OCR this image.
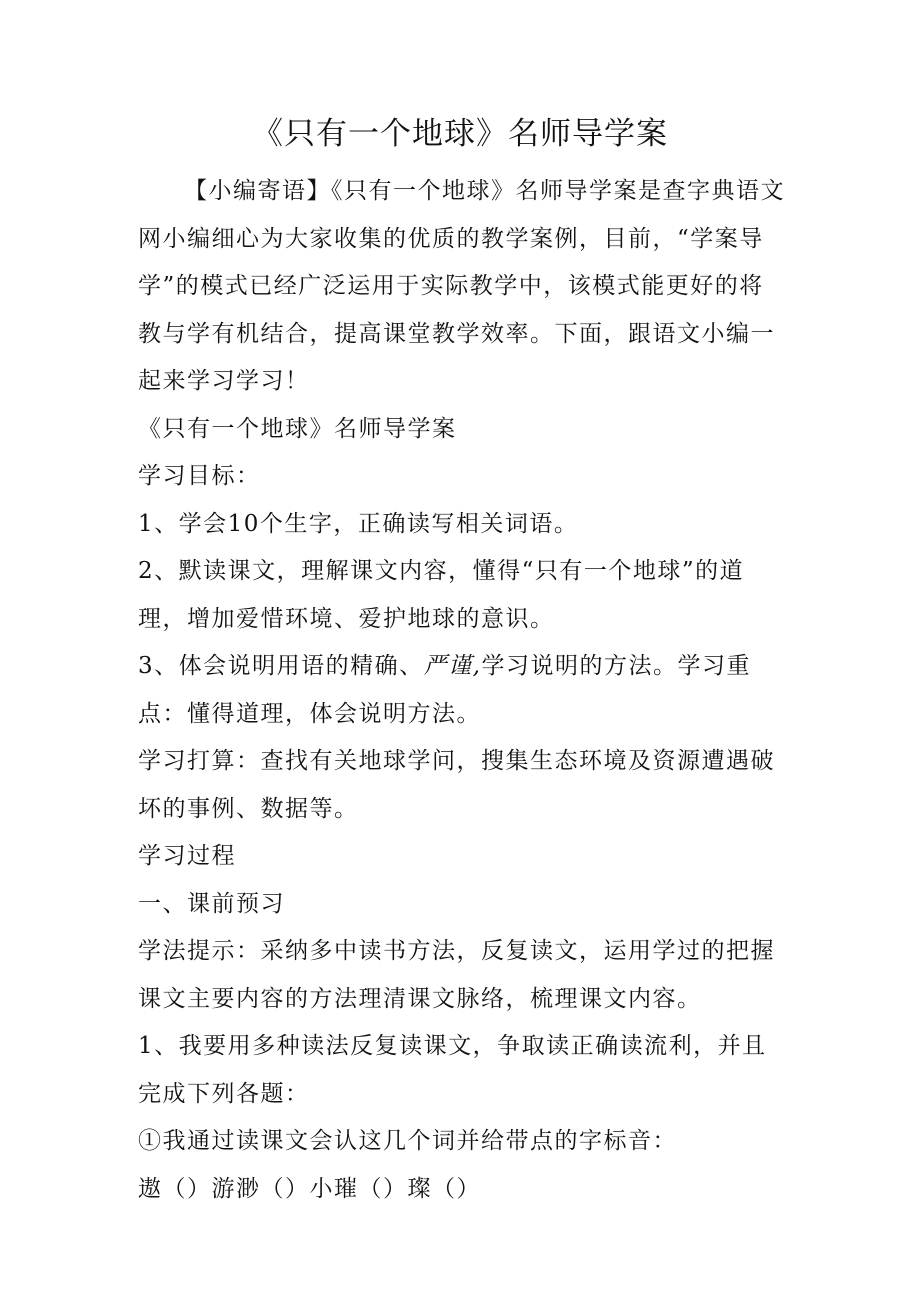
《只有一个地球》名师导学案

【小编寄语】《只有一个地球》名师导学案是查字典语文网小编细心为大家收集的优质的教学案例，目前，“学案导学”的模式已经广泛运用于实际教学中，该模式能更好的将教与学有机结合，提高课堂教学效率。下面，跟语文小编一起来学习学习！

《只有一个地球》名师导学案

学习目标：

1、学会10个生字，正确读写相关词语。

2、默读课文，理解课文内容，懂得“只有一个地球”的道理，增加爱惜环境、爱护地球的意识。

3、体会说明用语的精确、严谨,学习说明的方法。学习重点：懂得道理，体会说明方法。

学习打算：查找有关地球学问，搜集生态环境及资源遭遇破坏的事例、数据等。

学习过程

一、课前预习

学法提示：采纳多中读书方法，反复读文，运用学过的把握课文主要内容的方法理清课文脉络，梳理课文内容。

1、我要用多种读法反复读课文，争取读正确读流利，并且完成下列各题：

①我通过读课文会认这几个词并给带点的字标音：

遨（）游渺（）小璀（）璨（）
